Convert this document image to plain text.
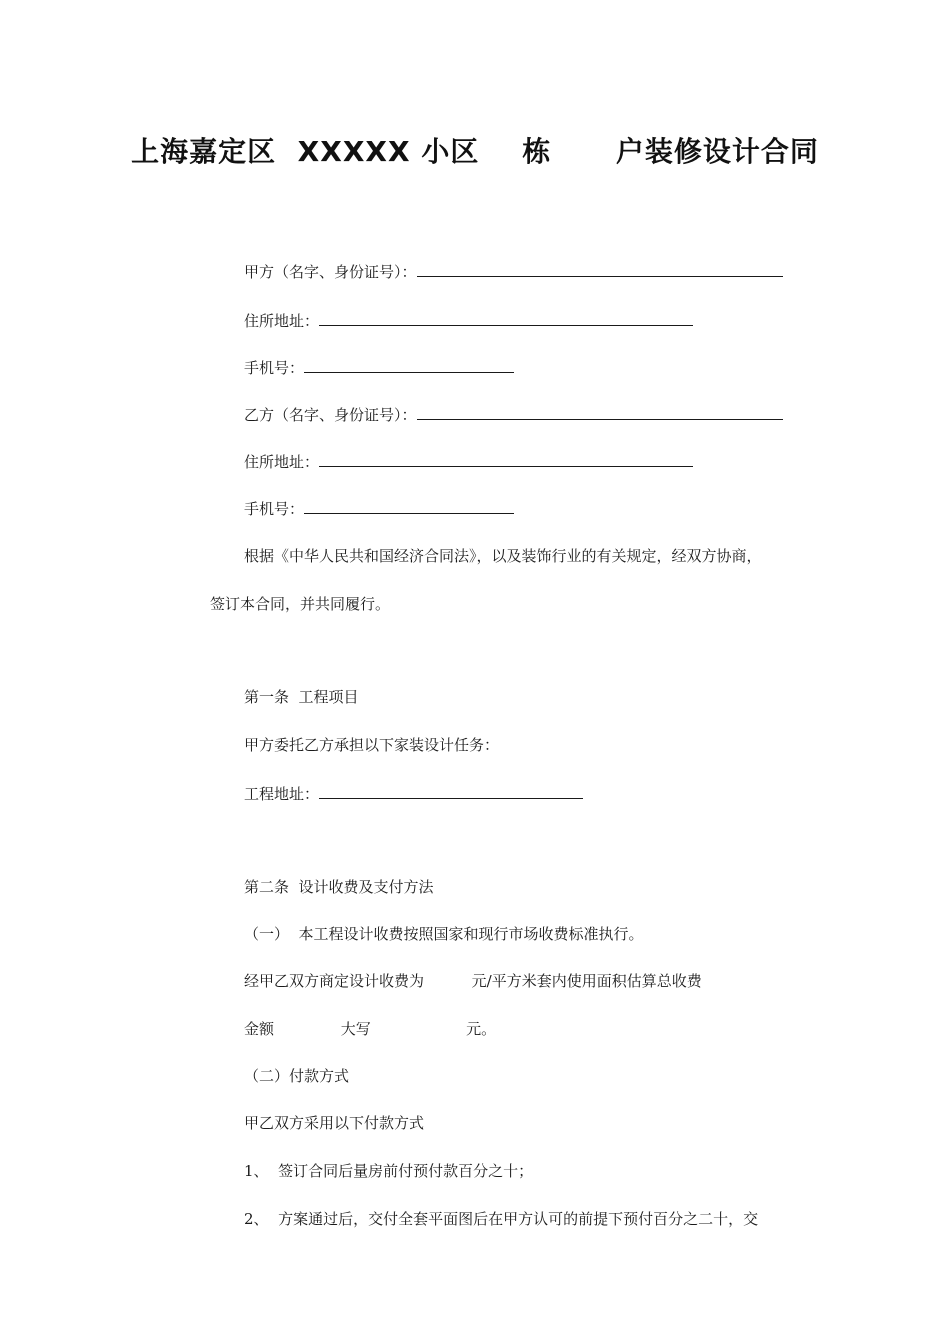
上海嘉定区  XXXXX 小区    栋      户装修设计合同
甲方（名字、身份证号）：
住所地址：
手机号：
乙方（名字、身份证号）：
住所地址：
手机号：
根据《中华人民共和国经济合同法》，以及装饰行业的有关规定，经双方协商，
签订本合同，并共同履行。
第一条  工程项目
甲方委托乙方承担以下家装设计任务：
工程地址：
第二条  设计收费及支付方法
（一）  本工程设计收费按照国家和现行市场收费标准执行。
经甲乙双方商定设计收费为          元/平方米套内使用面积估算总收费
金额              大写                    元。
（二）付款方式
甲乙双方采用以下付款方式
1、  签订合同后量房前付预付款百分之十；
2、  方案通过后，交付全套平面图后在甲方认可的前提下预付百分之二十，交
